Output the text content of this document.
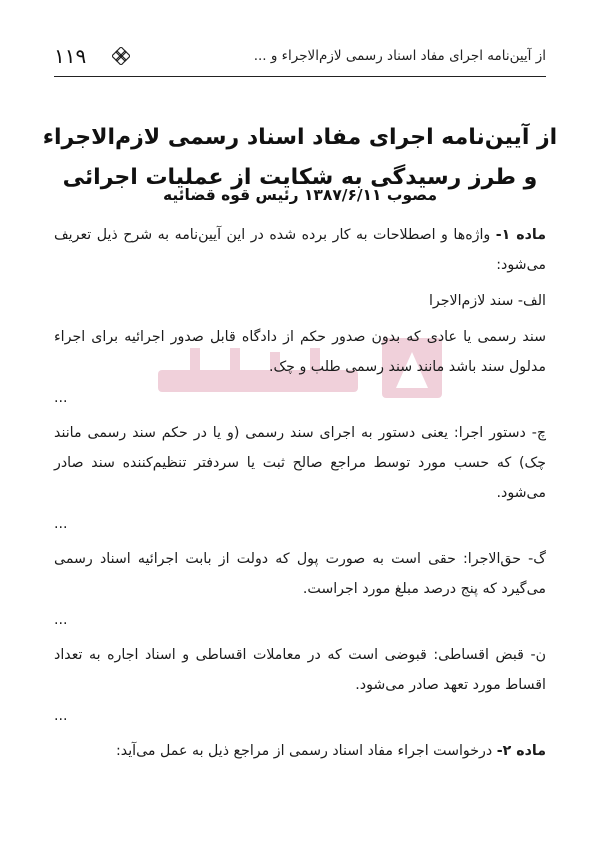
از آیین‌نامه اجرای مفاد اسناد رسمی لازم‌الاجراء و ...
۱۱۹
از آیین‌نامه اجرای مفاد اسناد رسمی لازم‌الاجراء
و طرز رسیدگی به شکایت از عملیات اجرائی
مصوب ۱۳۸۷/۶/۱۱ رئیس قوه قضائیه

ماده ۱- واژه‌ها و اصطلاحات به کار برده شده در این آیین‌نامه به شرح ذیل تعریف می‌شود:

الف- سند لازم‌الاجرا

سند رسمی یا عادی که بدون صدور حکم از دادگاه قابل صدور اجرائیه برای اجراء مدلول سند باشد مانند سند رسمی طلب و چک.

...

چ- دستور اجرا: یعنی دستور به اجرای سند رسمی (و یا در حکم سند رسمی مانند چک) که حسب مورد توسط مراجع صالح ثبت یا سردفتر تنظیم‌کننده سند صادر می‌شود.

...

گ- حق‌الاجرا: حقی است به صورت پول که دولت از بابت اجرائیه اسناد رسمی می‌گیرد که پنج درصد مبلغ مورد اجراست.

...

ن- قبض اقساطی: قبوضی است که در معاملات اقساطی و اسناد اجاره به تعداد اقساط مورد تعهد صادر می‌شود.

...

ماده ۲- درخواست اجراء مفاد اسناد رسمی از مراجع ذیل به عمل می‌آید:
